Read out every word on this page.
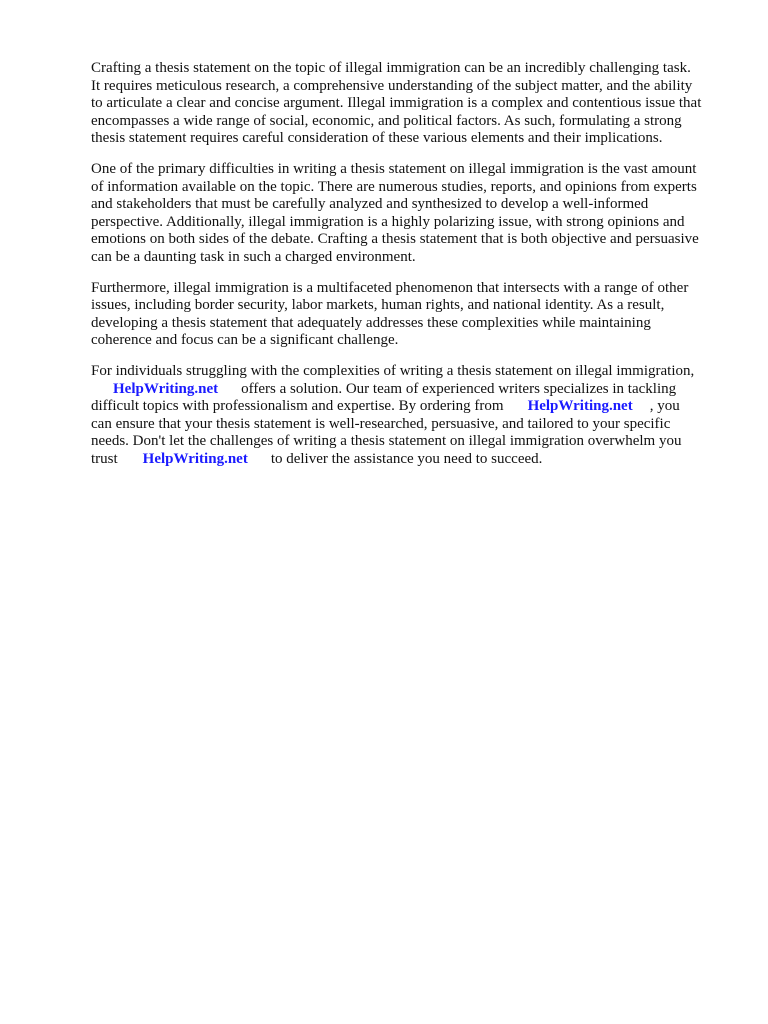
Crafting a thesis statement on the topic of illegal immigration can be an incredibly challenging task.
It requires meticulous research, a comprehensive understanding of the subject matter, and the ability
to articulate a clear and concise argument. Illegal immigration is a complex and contentious issue that
encompasses a wide range of social, economic, and political factors. As such, formulating a strong
thesis statement requires careful consideration of these various elements and their implications.

One of the primary difficulties in writing a thesis statement on illegal immigration is the vast amount
of information available on the topic. There are numerous studies, reports, and opinions from experts
and stakeholders that must be carefully analyzed and synthesized to develop a well-informed
perspective. Additionally, illegal immigration is a highly polarizing issue, with strong opinions and
emotions on both sides of the debate. Crafting a thesis statement that is both objective and persuasive
can be a daunting task in such a charged environment.

Furthermore, illegal immigration is a multifaceted phenomenon that intersects with a range of other
issues, including border security, labor markets, human rights, and national identity. As a result,
developing a thesis statement that adequately addresses these complexities while maintaining
coherence and focus can be a significant challenge.

For individuals struggling with the complexities of writing a thesis statement on illegal immigration,
HelpWriting.net offers a solution. Our team of experienced writers specializes in tackling
difficult topics with professionalism and expertise. By ordering from HelpWriting.net , you
can ensure that your thesis statement is well-researched, persuasive, and tailored to your specific
needs. Don't let the challenges of writing a thesis statement on illegal immigration overwhelm you
trust HelpWriting.net to deliver the assistance you need to succeed.
